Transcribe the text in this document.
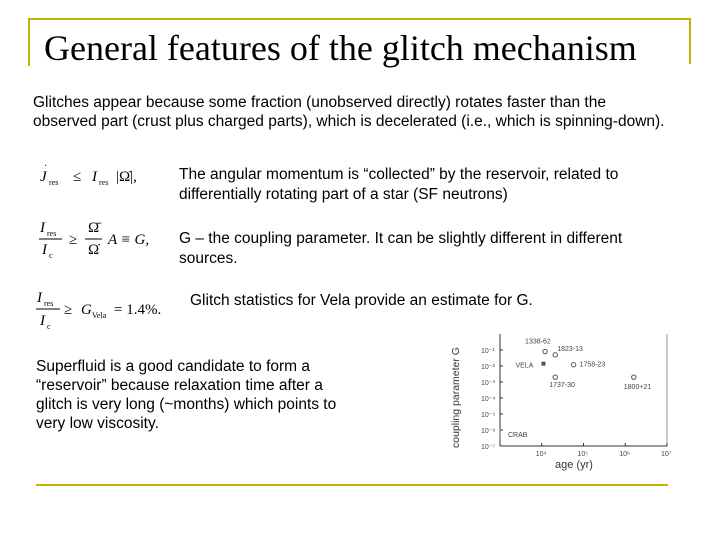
General features of the glitch mechanism
Glitches appear because some fraction (unobserved directly) rotates faster than the observed part (crust plus charged parts), which is decelerated (i.e., which is spinning-down).
J res
·
≤ I res |Ω̇|,
I res
I c
≥
Ω̄
Ω̇
A ≡ G,
I res
I c
≥ G Vela = 1.4%.
The angular momentum is “collected” by the reservoir, related to differentially rotating part of a star (SF neutrons)
G – the coupling parameter. It can be slightly different in different sources.
Glitch statistics for Vela provide an estimate for G.
Superfluid is a good candidate to form a “reservoir” because relaxation time after a glitch is very long (~months) which points to very low viscosity.	coupling parameter G
age (yr)
10⁴	10⁵	10⁶	10⁷
10⁻¹
10⁻²
10⁻³
10⁻⁴
10⁻⁵
10⁻⁶
10⁻⁷
1338-62
1823-13
VELA	1758-23
1737-30	1800+21
CRAB
